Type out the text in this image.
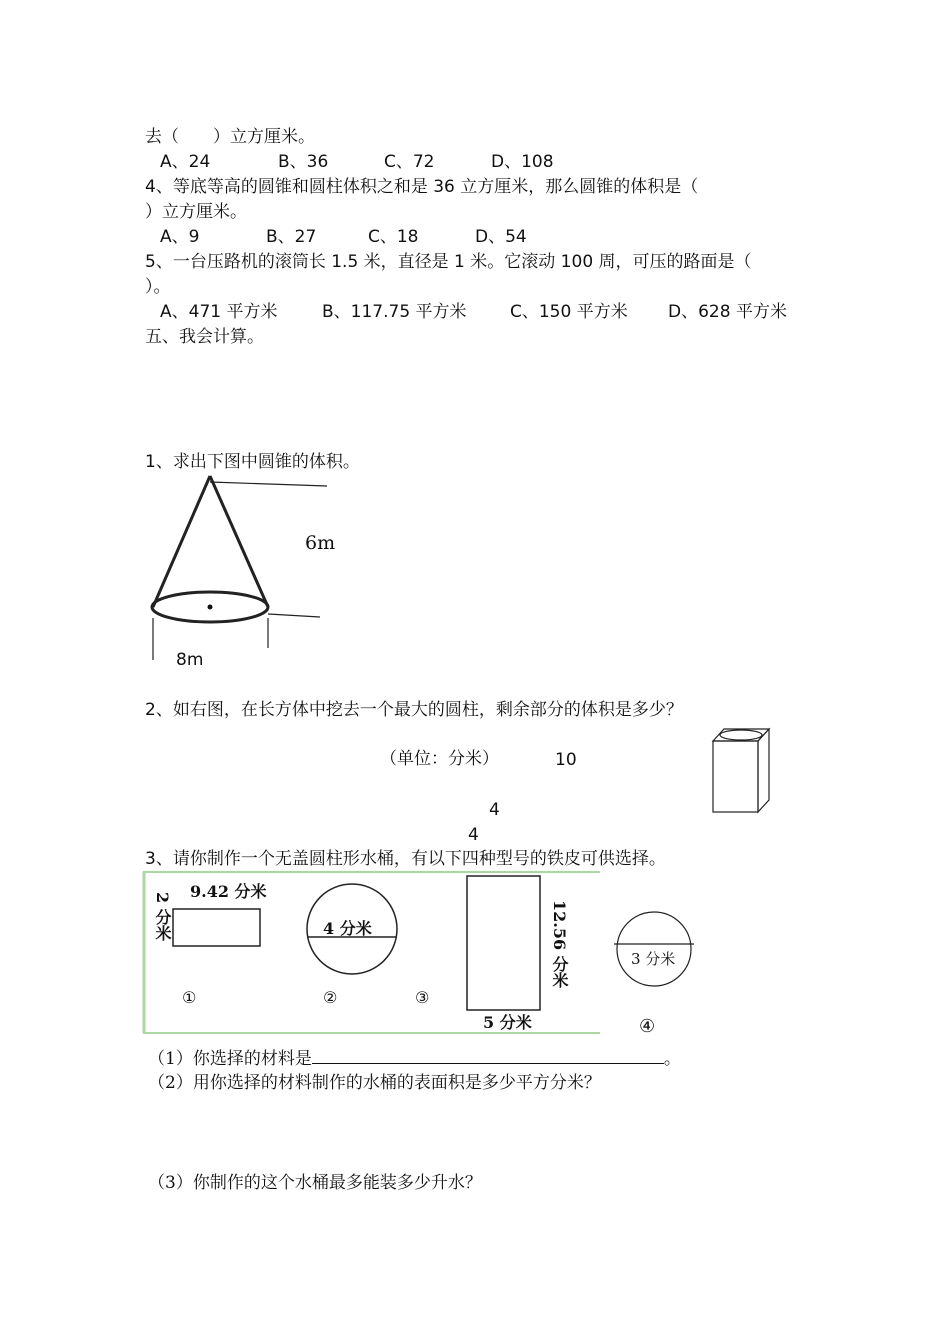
去（　　）立方厘米。
A、24	B、36	C、72	D、108
4、等底等高的圆锥和圆柱体积之和是 36 立方厘米，那么圆锥的体积是（
）立方厘米。
A、9	B、27	C、18	D、54
5、一台压路机的滚筒长 1.5 米，直径是 1 米。它滚动 100 周，可压的路面是（
）。
A、471 平方米	B、117.75 平方米	C、150 平方米 D、628 平方米
五、我会计算。
1、求出下图中圆锥的体积。
6m
8m
2、如右图，在长方体中挖去一个最大的圆柱，剩余部分的体积是多少？
（单位：分米）	10
4
4
3、请你制作一个无盖圆柱形水桶，有以下四种型号的铁皮可供选择。
9.42 分米
2 分米
①
4 分米
②	③
12.56 分米
5 分米
3 分米
④
（1）你选择的材料是	。
（2）用你选择的材料制作的水桶的表面积是多少平方分米？
（3）你制作的这个水桶最多能装多少升水？
